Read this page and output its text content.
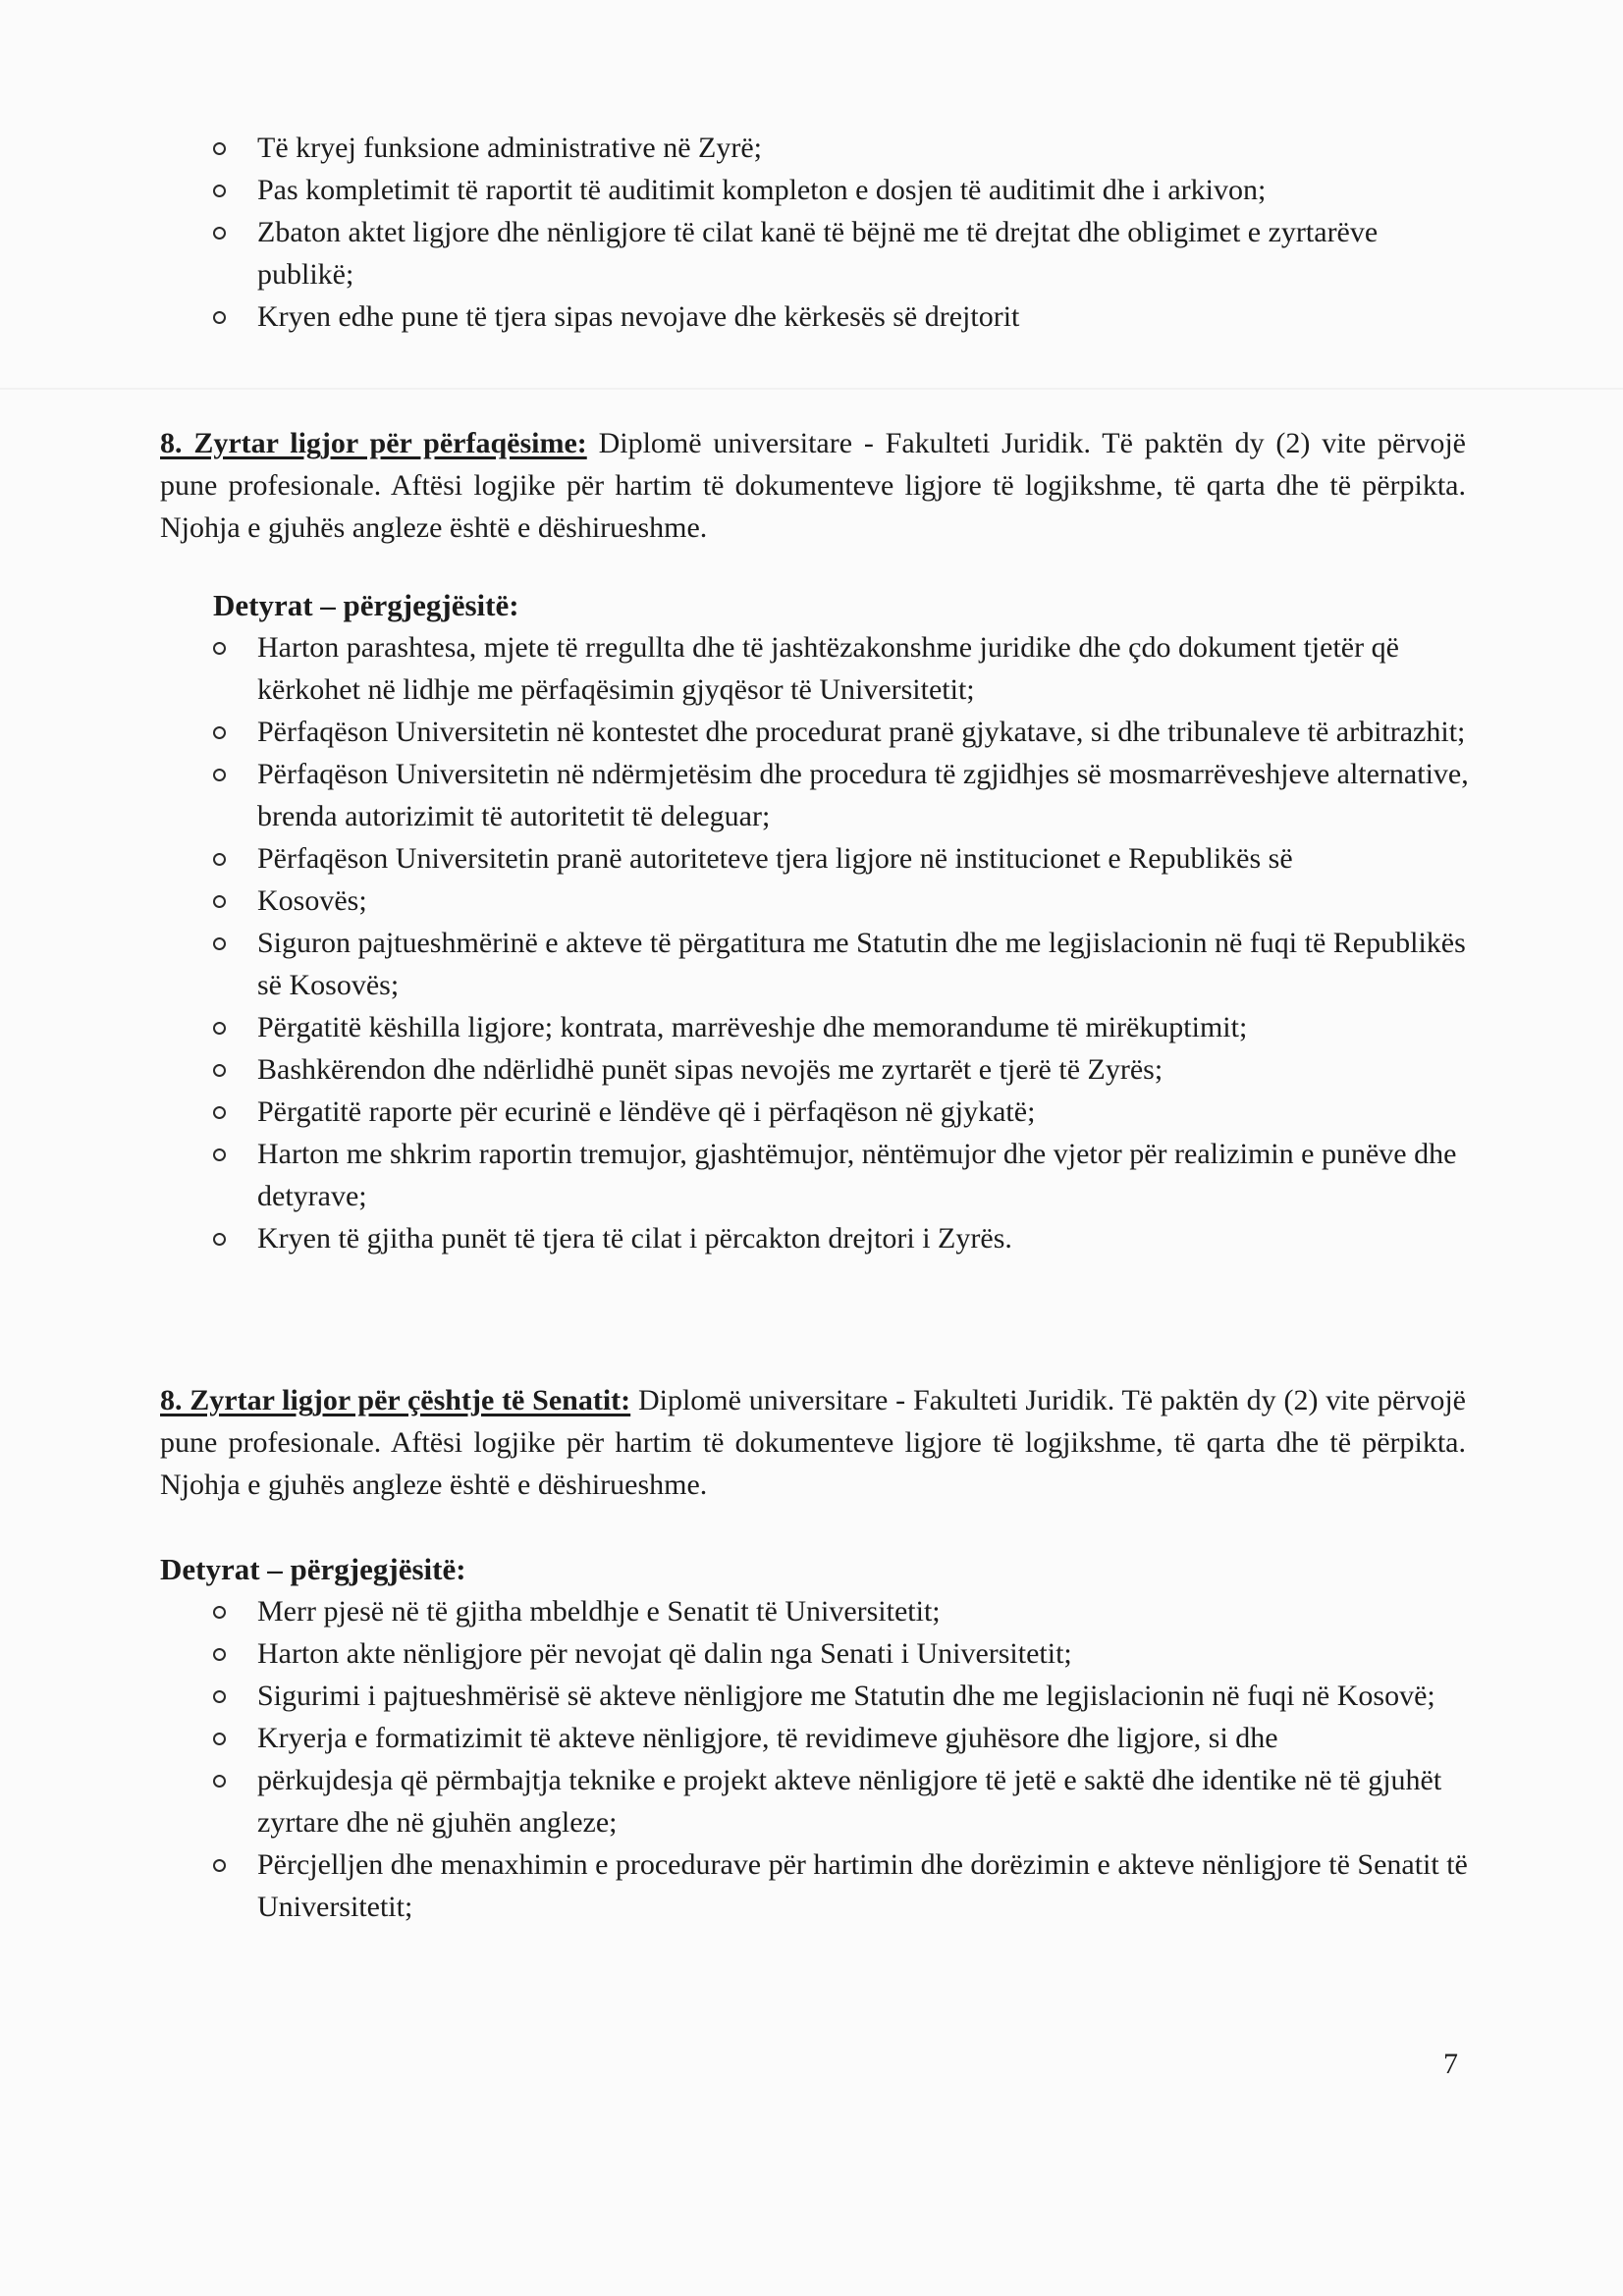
Të kryej funksione administrative në Zyrë;
Pas kompletimit të raportit të auditimit kompleton e dosjen të auditimit dhe i arkivon;
Zbaton aktet ligjore dhe nënligjore të cilat kanë të bëjnë me të drejtat dhe obligimet e zyrtarëve publikë;
Kryen edhe pune të tjera sipas nevojave dhe kërkesës së drejtorit
8. Zyrtar ligjor për përfaqësime: Diplomë universitare - Fakulteti Juridik. Të paktën dy (2) vite përvojë pune profesionale. Aftësi logjike për hartim të dokumenteve ligjore të logjikshme, të qarta dhe të përpikta. Njohja e gjuhës angleze është e dëshirueshme.
Detyrat – përgjegjësitë:
Harton parashtesa, mjete të rregullta dhe të jashtëzakonshme juridike dhe çdo dokument tjetër që kërkohet në lidhje me përfaqësimin gjyqësor të Universitetit;
Përfaqëson Universitetin në kontestet dhe procedurat pranë gjykatave, si dhe tribunaleve të arbitrazhit;
Përfaqëson Universitetin në ndërmjetësim dhe procedura të zgjidhjes së mosmarrëveshjeve alternative, brenda autorizimit të autoritetit të deleguar;
Përfaqëson Universitetin pranë autoriteteve tjera ligjore në institucionet e Republikës së
Kosovës;
Siguron pajtueshmërinë e akteve të përgatitura me Statutin dhe me legjislacionin në fuqi të Republikës së Kosovës;
Përgatitë këshilla ligjore; kontrata, marrëveshje dhe memorandume të mirëkuptimit;
Bashkërendon dhe ndërlidhë punët sipas nevojës me zyrtarët e tjerë të Zyrës;
Përgatitë raporte për ecurinë e lëndëve që i përfaqëson në gjykatë;
Harton me shkrim raportin tremujor, gjashtëmujor, nëntëmujor dhe vjetor për realizimin e punëve dhe detyrave;
Kryen të gjitha punët të tjera të cilat i përcakton drejtori i Zyrës.
8. Zyrtar ligjor për çështje të Senatit: Diplomë universitare - Fakulteti Juridik. Të paktën dy (2) vite përvojë pune profesionale. Aftësi logjike për hartim të dokumenteve ligjore të logjikshme, të qarta dhe të përpikta. Njohja e gjuhës angleze është e dëshirueshme.
Detyrat – përgjegjësitë:
Merr pjesë në të gjitha mbeldhje e Senatit të Universitetit;
Harton akte nënligjore për nevojat që dalin nga Senati i Universitetit;
Sigurimi i pajtueshmërisë së akteve nënligjore me Statutin dhe me legjislacionin në fuqi në Kosovë;
Kryerja e formatizimit të akteve nënligjore, të revidimeve gjuhësore dhe ligjore, si dhe
përkujdesja që përmbajtja teknike e projekt akteve nënligjore të jetë e saktë dhe identike në të gjuhët zyrtare dhe në gjuhën angleze;
Përcjelljen dhe menaxhimin e procedurave për hartimin dhe dorëzimin e akteve nënligjore të Senatit të Universitetit;
7
